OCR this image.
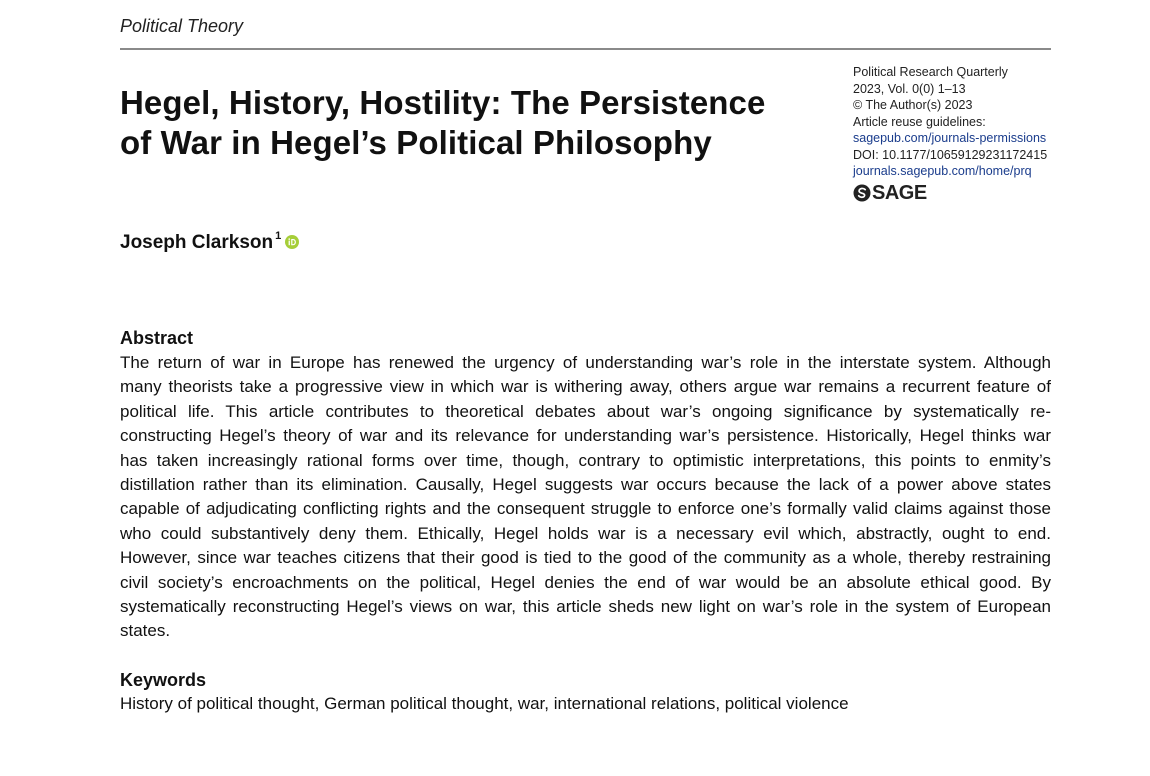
Political Theory
Hegel, History, Hostility: The Persistence
of War in Hegel’s Political Philosophy
Political Research Quarterly
2023, Vol. 0(0) 1–13
© The Author(s) 2023
Article reuse guidelines:
sagepub.com/journals-permissions
DOI: 10.1177/10659129231172415
journals.sagepub.com/home/prq
SAGE
Joseph Clarkson$^1$
Abstract
The return of war in Europe has renewed the urgency of understanding war’s role in the interstate system. Although
many theorists take a progressive view in which war is withering away, others argue war remains a recurrent feature of
political life. This article contributes to theoretical debates about war’s ongoing significance by systematically re-
constructing Hegel’s theory of war and its relevance for understanding war’s persistence. Historically, Hegel thinks war
has taken increasingly rational forms over time, though, contrary to optimistic interpretations, this points to enmity’s
distillation rather than its elimination. Causally, Hegel suggests war occurs because the lack of a power above states
capable of adjudicating conflicting rights and the consequent struggle to enforce one’s formally valid claims against those
who could substantively deny them. Ethically, Hegel holds war is a necessary evil which, abstractly, ought to end.
However, since war teaches citizens that their good is tied to the good of the community as a whole, thereby restraining
civil society’s encroachments on the political, Hegel denies the end of war would be an absolute ethical good. By
systematically reconstructing Hegel’s views on war, this article sheds new light on war’s role in the system of European
states.
Keywords
History of political thought, German political thought, war, international relations, political violence
